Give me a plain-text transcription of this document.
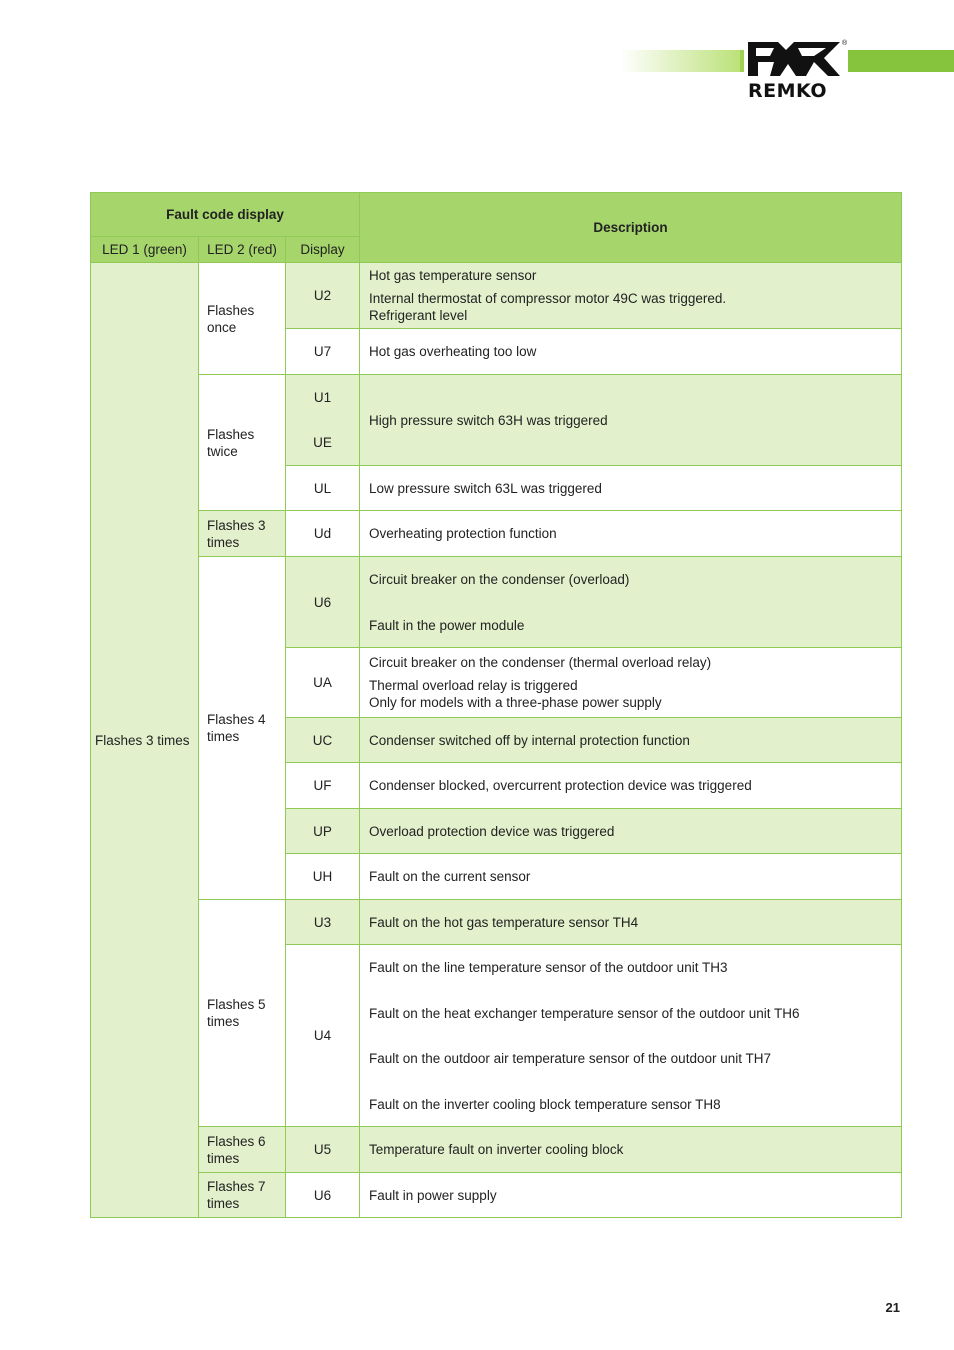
®
REMKO
Fault code display			Description
LED 1 (green)	LED 2 (red)	Display	
Flashes 3 times	Flashes once	U2	Hot gas temperature sensor
Internal thermostat of compressor motor 49C was triggered.
Refrigerant level

		U7	Hot gas overheating too low
	Flashes twice	U1	High pressure switch 63H was triggered
		UE	
		UL	Low pressure switch 63L was triggered
	Flashes 3 times	Ud	Overheating protection function
	Flashes 4 times	U6	Circuit breaker on the condenser (overload)
Fault in the power module

		UA	Circuit breaker on the condenser (thermal overload relay)
Thermal overload relay is triggered
Only for models with a three-phase power supply

		UC	Condenser switched off by internal protection function
		UF	Condenser blocked, overcurrent protection device was triggered
		UP	Overload protection device was triggered
		UH	Fault on the current sensor
	Flashes 5 times	U3	Fault on the hot gas temperature sensor TH4
		U4	Fault on the line temperature sensor of the outdoor unit TH3
Fault on the heat exchanger temperature sensor of the outdoor unit TH6
Fault on the outdoor air temperature sensor of the outdoor unit TH7
Fault on the inverter cooling block temperature sensor TH8

	Flashes 6 times	U5	Temperature fault on inverter cooling block
	Flashes 7 times	U6	Fault in power supply
21
